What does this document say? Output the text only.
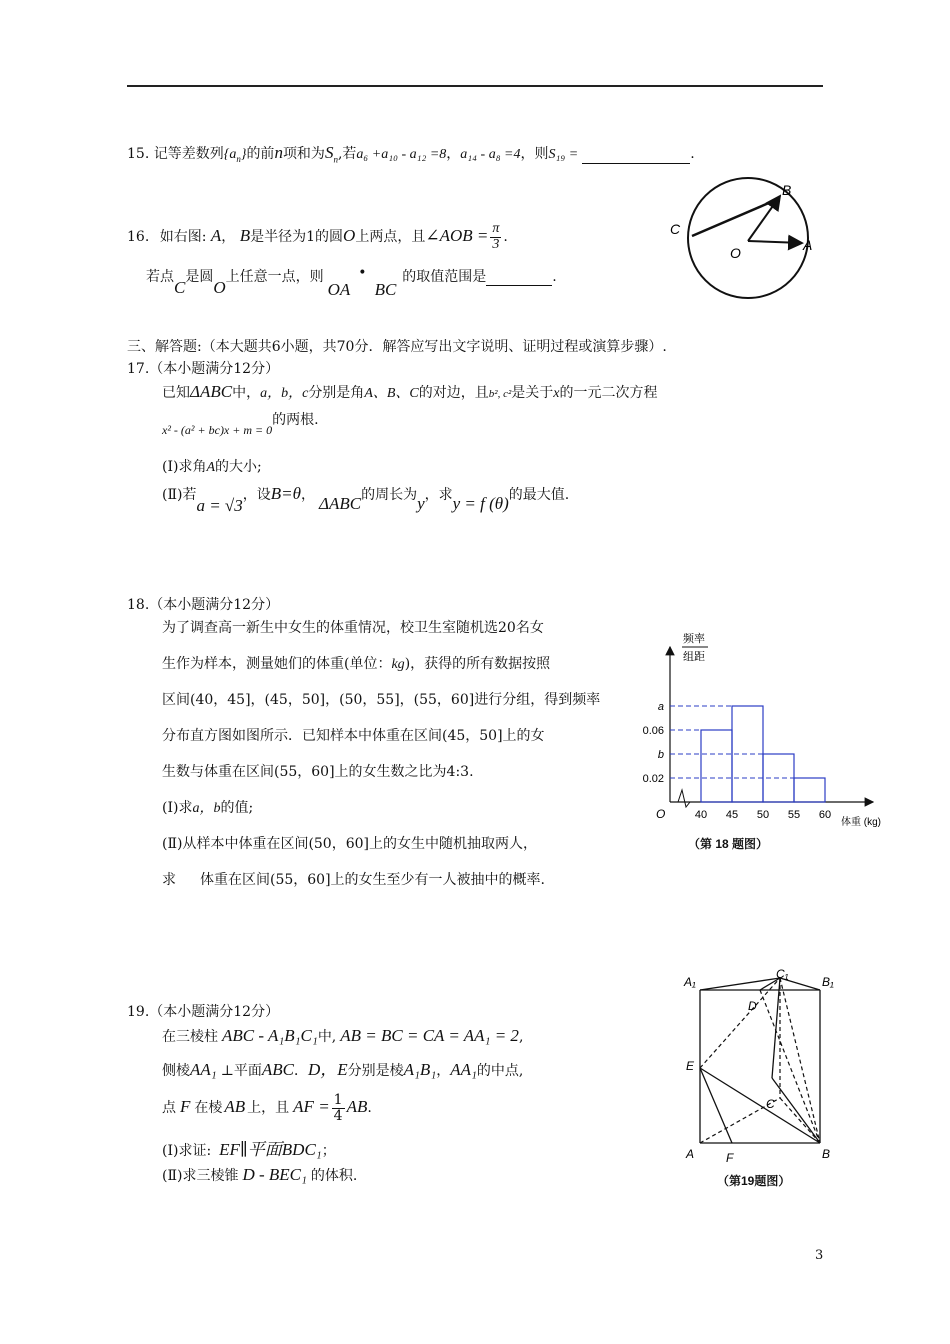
15. 记等差数列$\{a_n\}$的前n项和为$S_n$,若a₆ +a₁₀ - a₁₂ =8，a₁₄ - a₈ =4，则S₁₉ =	.
16. 如右图: A， B是半径为1的圆O上两点，且∠AOB = $\frac{\pi}{3}$ .
若点C是圆O上任意一点，则OA•BC的取值范围是	.
B
C
O	A
三、解答题:（本大题共6小题，共70分．解答应写出文字说明、证明过程或演算步骤）.
17.（本小题满分12分）
已知ΔABC中，a，b，c分别是角A、B、C的对边，且b², c²是关于x的一元二次方程
x² - (a² + bc)x + m = 0的两根.
(Ⅰ)求角A的大小;
(Ⅱ)若a = √3，设B=θ， ΔABC的周长为y，求y = f (θ)的最大值.
18.（本小题满分12分）
为了调查高一新生中女生的体重情况，校卫生室随机选20名女
生作为样本，测量她们的体重(单位：kg)，获得的所有数据按照
区间(40，45]，(45，50]，(50，55]，(55，60]进行分组，得到频率
分布直方图如图所示．已知样本中体重在区间(45，50]上的女
生数与体重在区间(55，60]上的女生数之比为4:3.
(Ⅰ)求a，b的值;
(Ⅱ)从样本中体重在区间(50，60]上的女生中随机抽取两人，
求 体重在区间(55，60]上的女生至少有一人被抽中的概率.
频率
组距
O
体重 (kg)
a
0.06
b
0.02
40 45 50 55 60
（第 18 题图）
19.（本小题满分12分）
在三棱柱 ABC - A₁B₁C₁中, AB = BC = CA = AA₁ = 2,
侧棱AA₁ ⊥平面ABC．D，E分别是棱A₁B₁，AA₁的中点,
点 F 在棱 AB 上，且 AF = $\frac{1}{4}$ AB.
(Ⅰ)求证: EF∥平面BDC₁；
(Ⅱ)求三棱锥 D - BEC₁ 的体积.
C₁
A₁	B₁
D
E
C
A	F	B
（第19题图）
3
